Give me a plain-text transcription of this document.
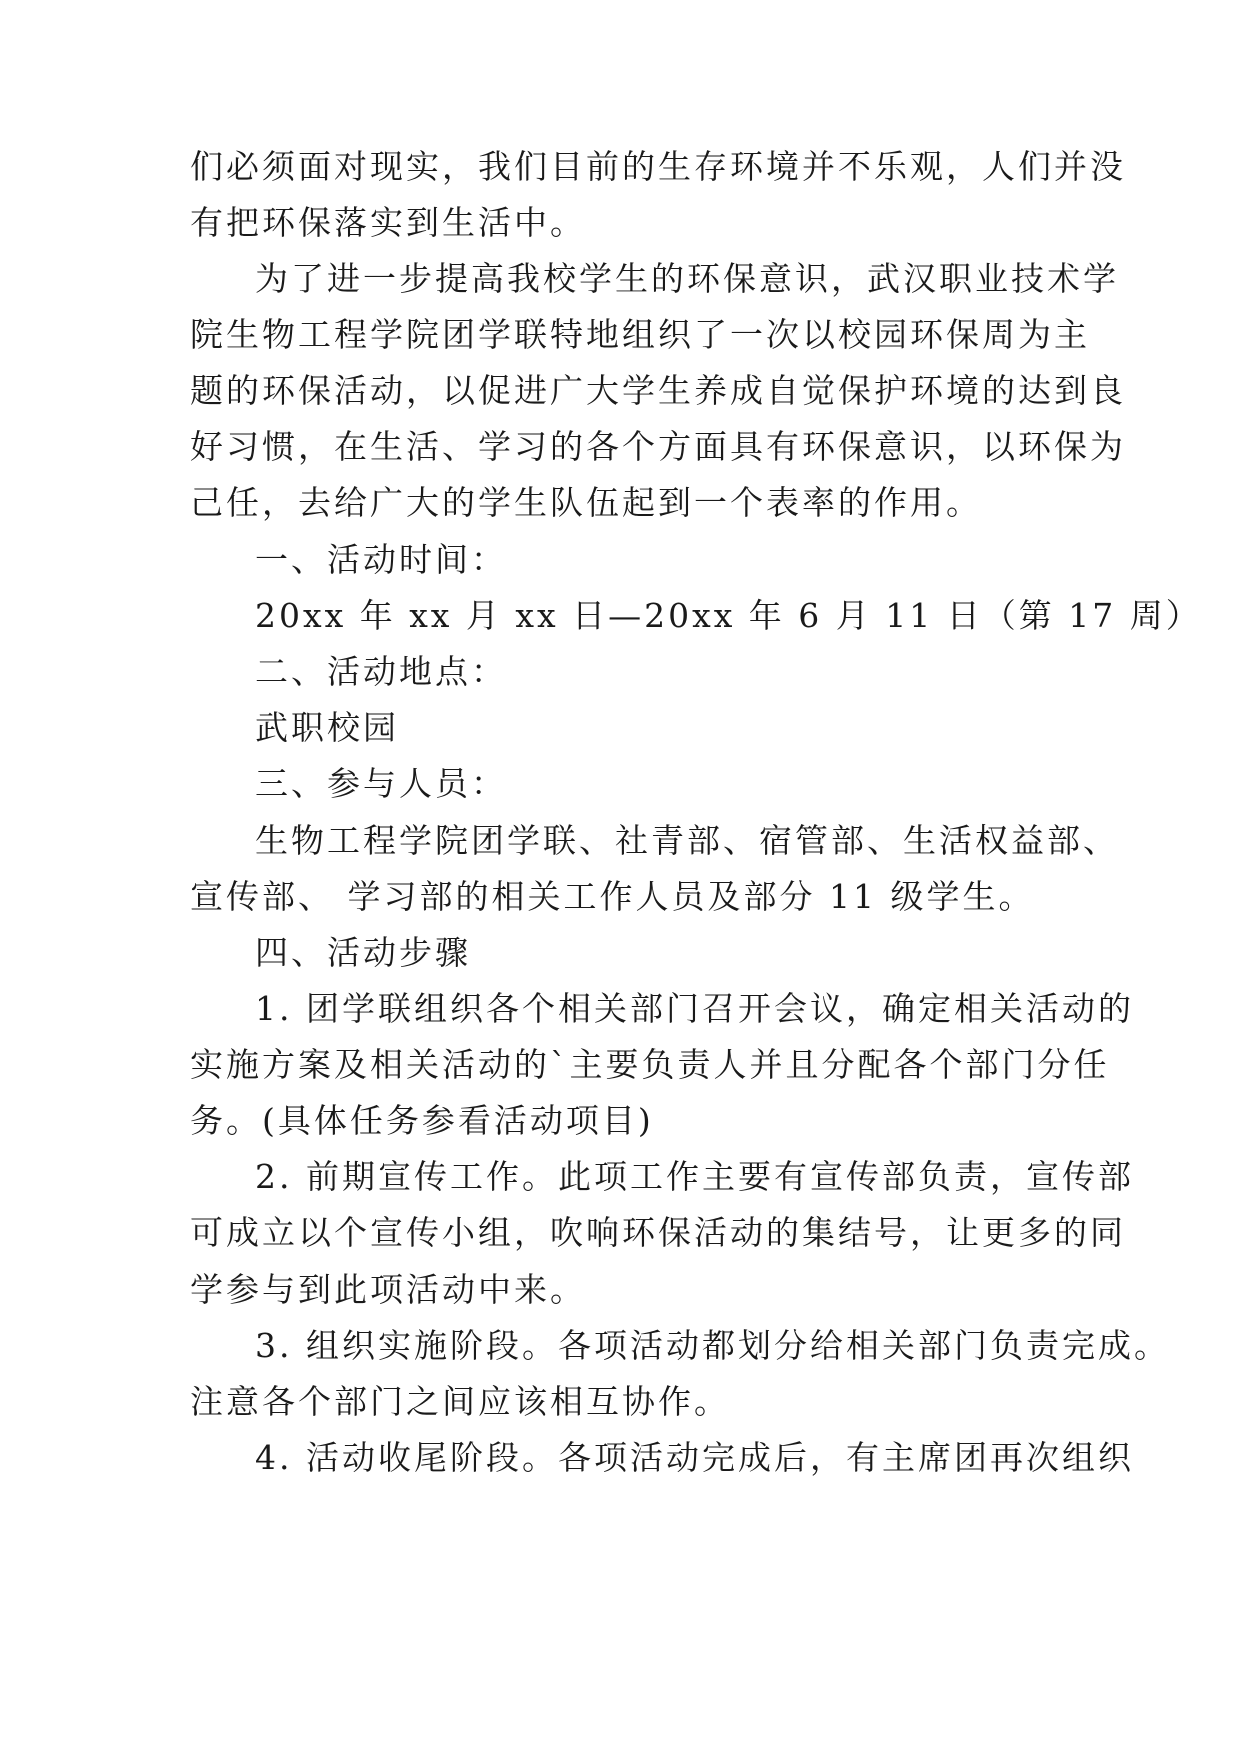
们必须面对现实，我们目前的生存环境并不乐观，人们并没
有把环保落实到生活中。
为了进一步提高我校学生的环保意识，武汉职业技术学
院生物工程学院团学联特地组织了一次以校园环保周为主
题的环保活动，以促进广大学生养成自觉保护环境的达到良
好习惯，在生活、学习的各个方面具有环保意识，以环保为
己任，去给广大的学生队伍起到一个表率的作用。
一、活动时间：
20xx 年 xx 月 xx 日—20xx 年 6 月 11 日（第 17 周）
二、活动地点：
武职校园
三、参与人员：
生物工程学院团学联、社青部、宿管部、生活权益部、
宣传部、 学习部的相关工作人员及部分 11 级学生。
四、活动步骤
1. 团学联组织各个相关部门召开会议，确定相关活动的
实施方案及相关活动的`主要负责人并且分配各个部门分任
务。(具体任务参看活动项目)
2. 前期宣传工作。此项工作主要有宣传部负责，宣传部
可成立以个宣传小组，吹响环保活动的集结号，让更多的同
学参与到此项活动中来。
3. 组织实施阶段。各项活动都划分给相关部门负责完成。
注意各个部门之间应该相互协作。
4. 活动收尾阶段。各项活动完成后，有主席团再次组织
